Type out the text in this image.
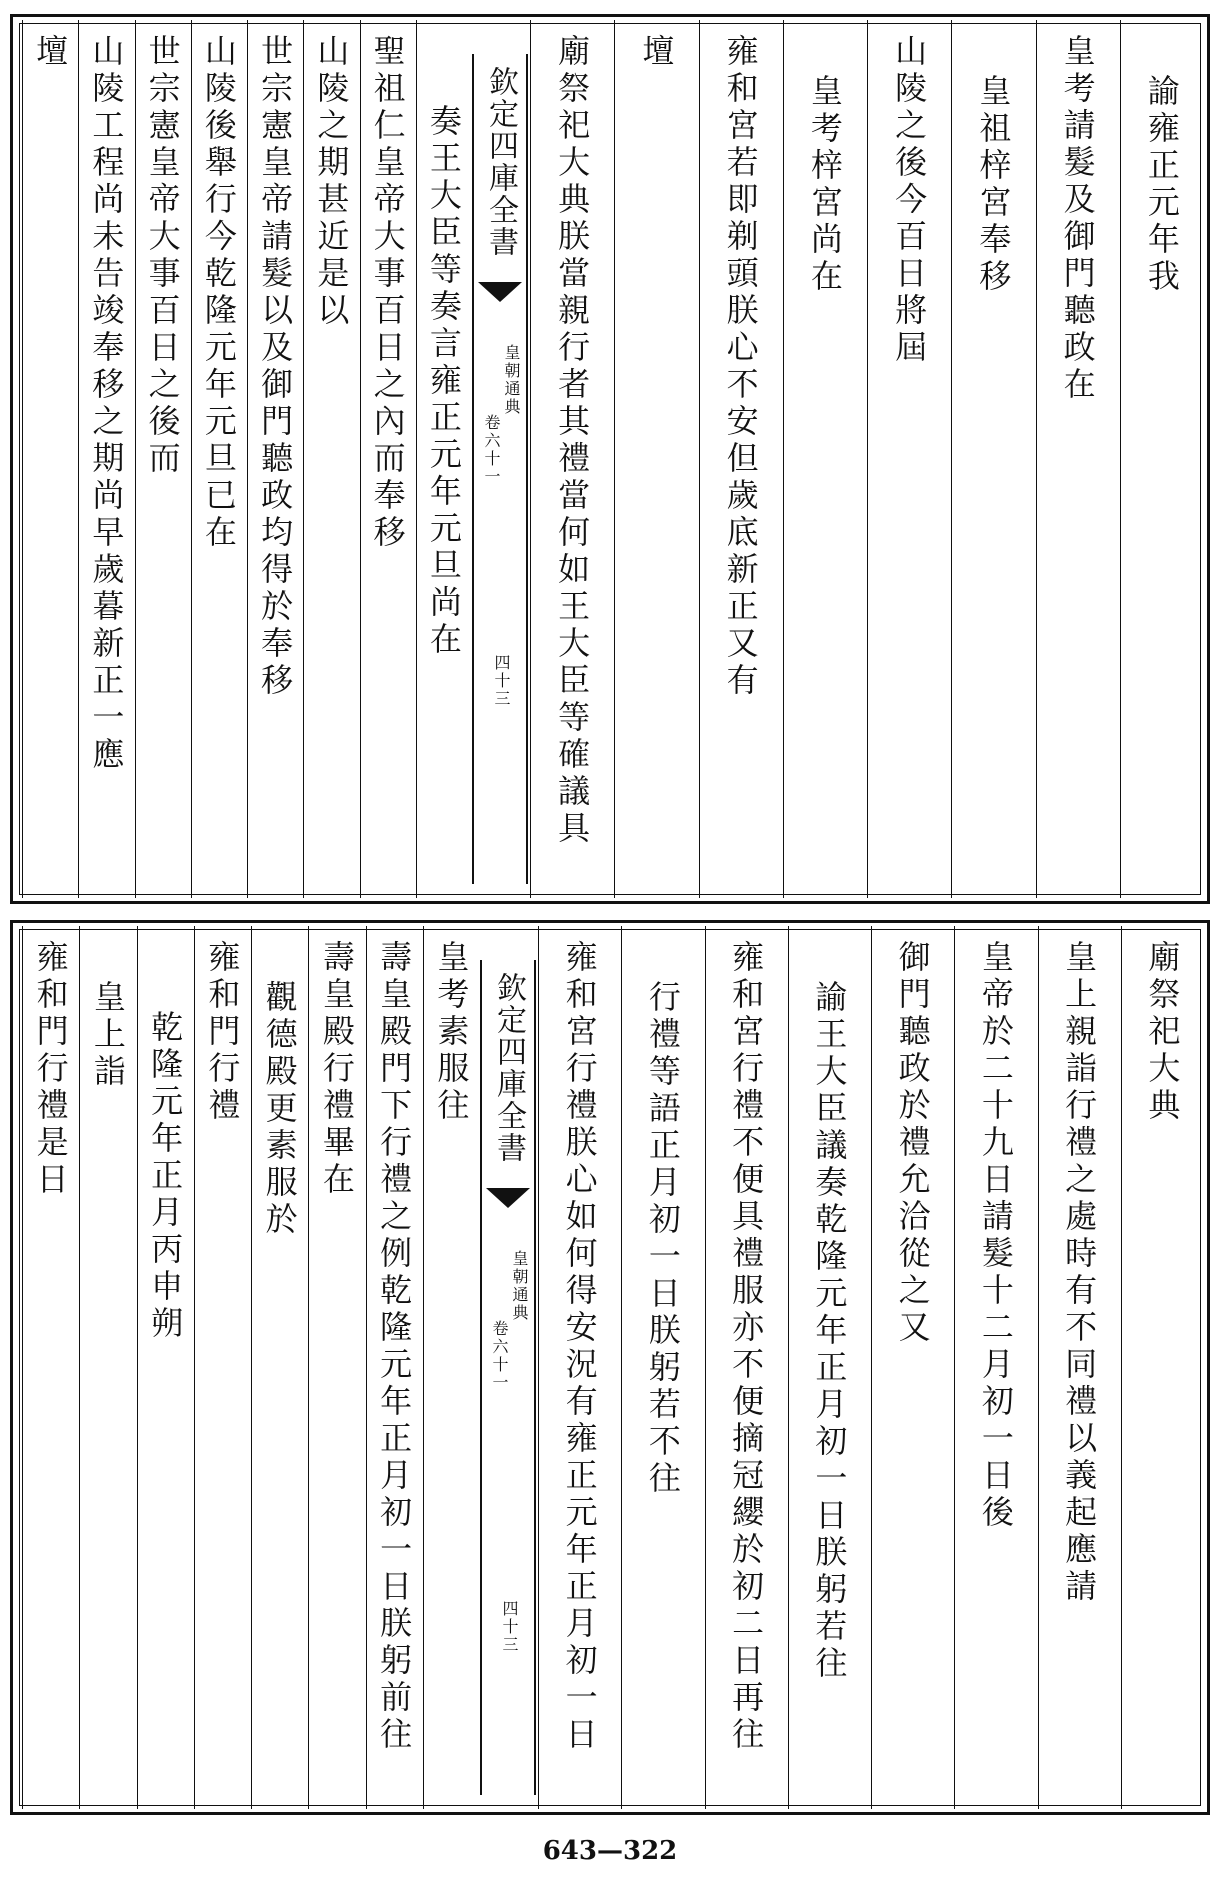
諭雍正元年我
皇考請髮及御門聽政在
皇祖梓宮奉移
山陵之後今百日將屆
皇考梓宮尚在
雍和宮若即剃頭朕心不安但歲底新正又有
壇
廟祭祀大典朕當親行者其禮當何如王大臣等確議具
奏王大臣等奏言雍正元年元旦尚在
聖祖仁皇帝大事百日之內而奉移
山陵之期甚近是以
世宗憲皇帝請髮以及御門聽政均得於奉移
山陵後舉行今乾隆元年元旦已在
世宗憲皇帝大事百日之後而
山陵工程尚未告竣奉移之期尚早歲暮新正一應
壇
欽定四庫全書
皇朝通典
卷六十一
四十三
廟祭祀大典
皇上親詣行禮之處時有不同禮以義起應請
皇帝於二十九日請髮十二月初一日後
御門聽政於禮允洽從之又
諭王大臣議奏乾隆元年正月初一日朕躬若往
雍和宮行禮不便具禮服亦不便摘冠纓於初二日再往
行禮等語正月初一日朕躬若不往
雍和宮行禮朕心如何得安況有雍正元年正月初一日
皇考素服往
壽皇殿門下行禮之例乾隆元年正月初一日朕躬前往
壽皇殿行禮畢在
觀德殿更素服於
雍和門行禮
乾隆元年正月丙申朔
皇上詣
雍和門行禮是日	欽定四庫全書
皇朝通典
卷六十一
四十三
643—322
